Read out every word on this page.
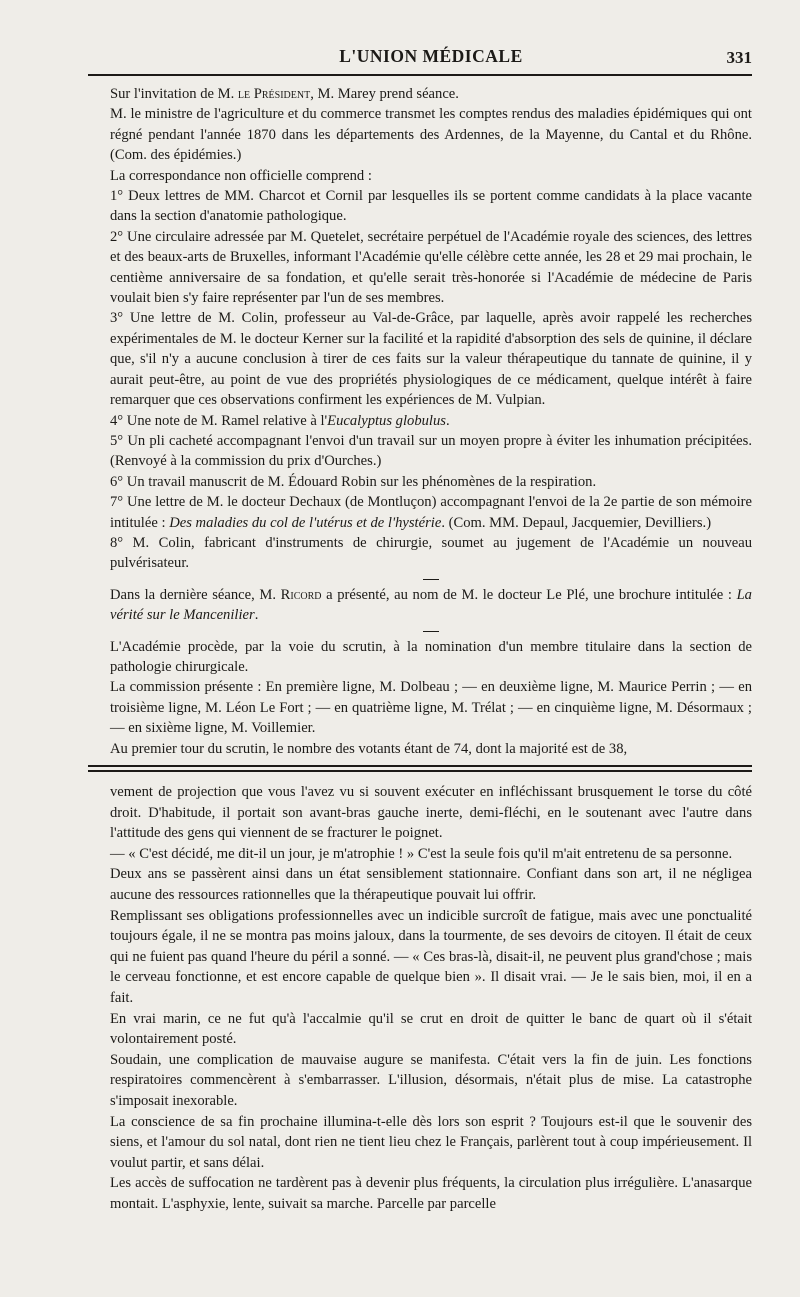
L'UNION MÉDICALE	331

Sur l'invitation de M. le Président, M. Marey prend séance.

M. le ministre de l'agriculture et du commerce transmet les comptes rendus des maladies épidémiques qui ont régné pendant l'année 1870 dans les départements des Ardennes, de la Mayenne, du Cantal et du Rhône. (Com. des épidémies.)

La correspondance non officielle comprend :

1° Deux lettres de MM. Charcot et Cornil par lesquelles ils se portent comme candidats à la place vacante dans la section d'anatomie pathologique.

2° Une circulaire adressée par M. Quetelet, secrétaire perpétuel de l'Académie royale des sciences, des lettres et des beaux-arts de Bruxelles, informant l'Académie qu'elle célèbre cette année, les 28 et 29 mai prochain, le centième anniversaire de sa fondation, et qu'elle serait très-honorée si l'Académie de médecine de Paris voulait bien s'y faire représenter par l'un de ses membres.

3° Une lettre de M. Colin, professeur au Val-de-Grâce, par laquelle, après avoir rappelé les recherches expérimentales de M. le docteur Kerner sur la facilité et la rapidité d'absorption des sels de quinine, il déclare que, s'il n'y a aucune conclusion à tirer de ces faits sur la valeur thérapeutique du tannate de quinine, il y aurait peut-être, au point de vue des propriétés physiologiques de ce médicament, quelque intérêt à faire remarquer que ces observations confirment les expériences de M. Vulpian.

4° Une note de M. Ramel relative à l'Eucalyptus globulus.

5° Un pli cacheté accompagnant l'envoi d'un travail sur un moyen propre à éviter les inhumation précipitées. (Renvoyé à la commission du prix d'Ourches.)

6° Un travail manuscrit de M. Édouard Robin sur les phénomènes de la respiration.

7° Une lettre de M. le docteur Dechaux (de Montluçon) accompagnant l'envoi de la 2e partie de son mémoire intitulée : Des maladies du col de l'utérus et de l'hystérie. (Com. MM. Depaul, Jacquemier, Devilliers.)

8° M. Colin, fabricant d'instruments de chirurgie, soumet au jugement de l'Académie un nouveau pulvérisateur.

Dans la dernière séance, M. Ricord a présenté, au nom de M. le docteur Le Plé, une brochure intitulée : La vérité sur le Mancenilier.

L'Académie procède, par la voie du scrutin, à la nomination d'un membre titulaire dans la section de pathologie chirurgicale.

La commission présente : En première ligne, M. Dolbeau ; — en deuxième ligne, M. Maurice Perrin ; — en troisième ligne, M. Léon Le Fort ; — en quatrième ligne, M. Trélat ; — en cinquième ligne, M. Désormaux ; — en sixième ligne, M. Voillemier.

Au premier tour du scrutin, le nombre des votants étant de 74, dont la majorité est de 38,

vement de projection que vous l'avez vu si souvent exécuter en infléchissant brusquement le torse du côté droit. D'habitude, il portait son avant-bras gauche inerte, demi-fléchi, en le soutenant avec l'autre dans l'attitude des gens qui viennent de se fracturer le poignet.

— « C'est décidé, me dit-il un jour, je m'atrophie ! » C'est la seule fois qu'il m'ait entretenu de sa personne.

Deux ans se passèrent ainsi dans un état sensiblement stationnaire. Confiant dans son art, il ne négligea aucune des ressources rationnelles que la thérapeutique pouvait lui offrir.

Remplissant ses obligations professionnelles avec un indicible surcroît de fatigue, mais avec une ponctualité toujours égale, il ne se montra pas moins jaloux, dans la tourmente, de ses devoirs de citoyen. Il était de ceux qui ne fuient pas quand l'heure du péril a sonné. — « Ces bras-là, disait-il, ne peuvent plus grand'chose ; mais le cerveau fonctionne, et est encore capable de quelque bien ». Il disait vrai. — Je le sais bien, moi, il en a fait.

En vrai marin, ce ne fut qu'à l'accalmie qu'il se crut en droit de quitter le banc de quart où il s'était volontairement posté.

Soudain, une complication de mauvaise augure se manifesta. C'était vers la fin de juin. Les fonctions respiratoires commencèrent à s'embarrasser. L'illusion, désormais, n'était plus de mise. La catastrophe s'imposait inexorable.

La conscience de sa fin prochaine illumina-t-elle dès lors son esprit ? Toujours est-il que le souvenir des siens, et l'amour du sol natal, dont rien ne tient lieu chez le Français, parlèrent tout à coup impérieusement. Il voulut partir, et sans délai.

Les accès de suffocation ne tardèrent pas à devenir plus fréquents, la circulation plus irrégulière. L'anasarque montait. L'asphyxie, lente, suivait sa marche. Parcelle par parcelle
